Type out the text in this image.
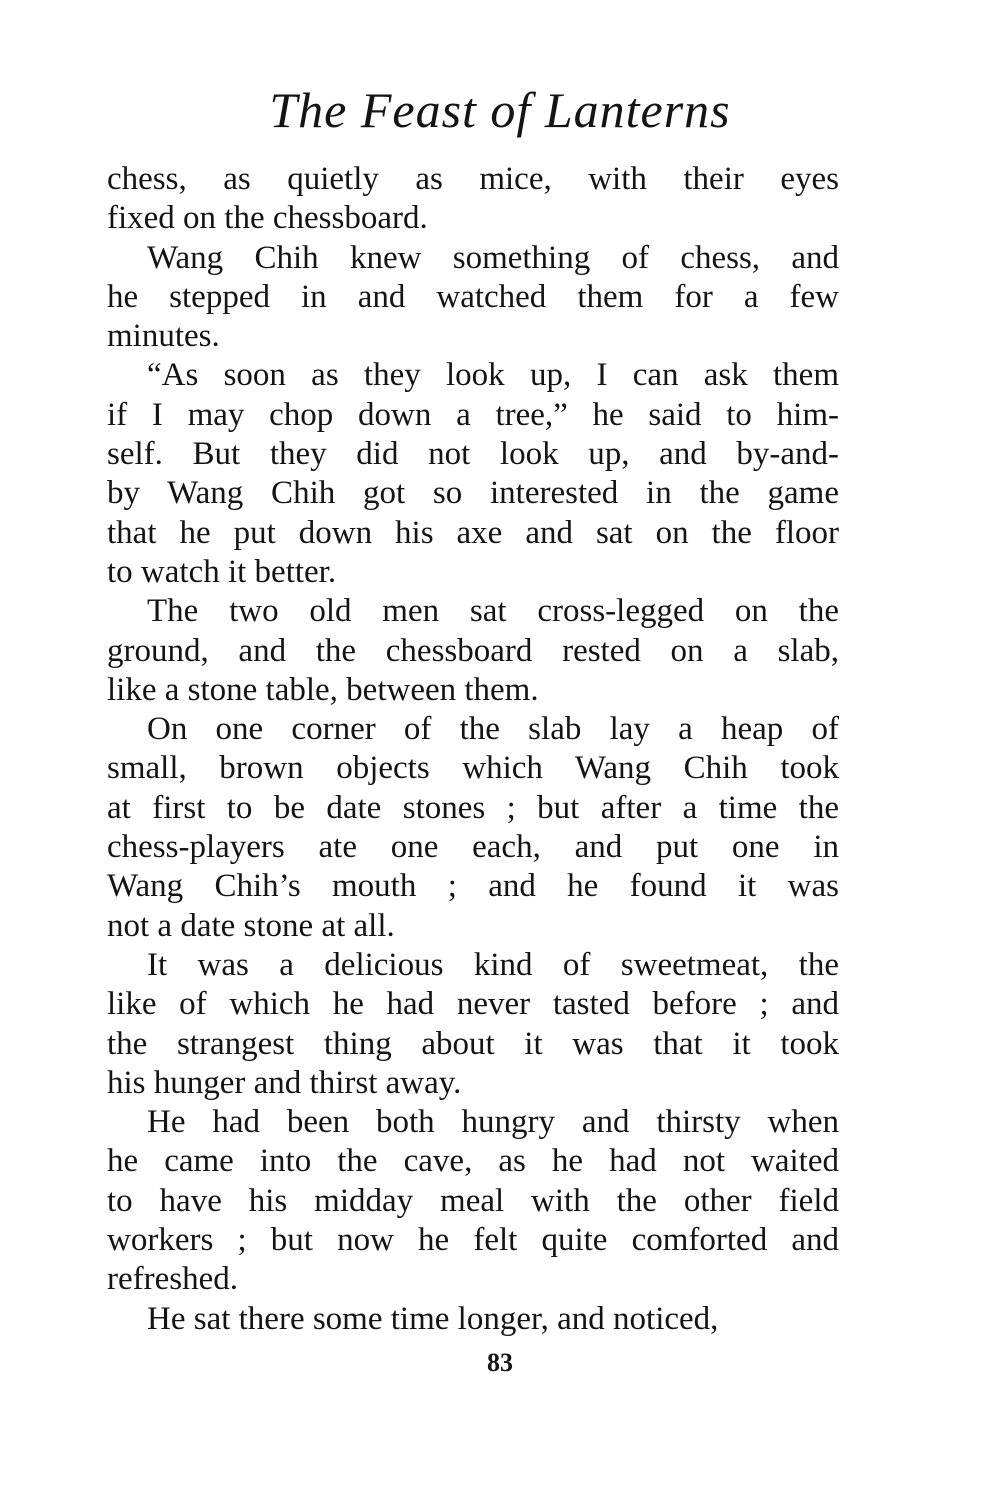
The Feast of Lanterns

chess, as quietly as mice, with their eyes
fixed on the chessboard.

Wang Chih knew something of chess, and
he stepped in and watched them for a few
minutes.

“As soon as they look up, I can ask them
if I may chop down a tree,” he said to him-
self. But they did not look up, and by-and-
by Wang Chih got so interested in the game
that he put down his axe and sat on the floor
to watch it better.

The two old men sat cross-legged on the
ground, and the chessboard rested on a slab,
like a stone table, between them.

On one corner of the slab lay a heap of
small, brown objects which Wang Chih took
at first to be date stones ; but after a time the
chess-players ate one each, and put one in
Wang Chih’s mouth ; and he found it was
not a date stone at all.

It was a delicious kind of sweetmeat, the
like of which he had never tasted before ; and
the strangest thing about it was that it took
his hunger and thirst away.

He had been both hungry and thirsty when
he came into the cave, as he had not waited
to have his midday meal with the other field
workers ; but now he felt quite comforted and
refreshed.

He sat there some time longer, and noticed,

83
